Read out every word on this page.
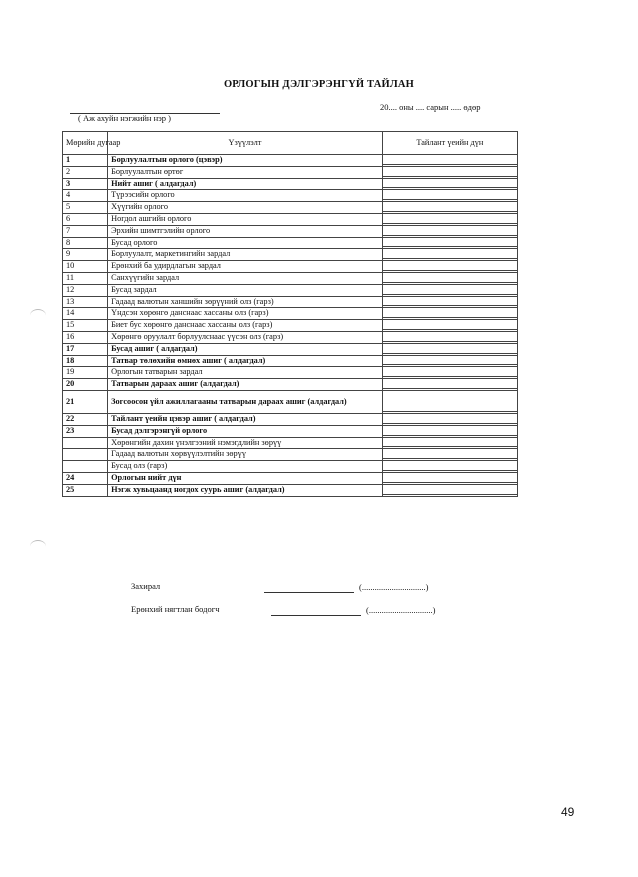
ОРЛОГЫН ДЭЛГЭРЭНГҮЙ ТАЙЛАН
20.... оны .... сарын ..... өдөр
( Аж ахуйн нэгжийн нэр )
Мөрийн дугаар	Үзүүлэлт	Тайлант үеийн дүн
1	Борлуулалтын орлого (цэвэр)	

2	Борлуулалтын өртөг	

3	Нийт ашиг ( алдагдал)	

4	Түрээсийн орлого	

5	Хүүгийн орлого	

6	Ногдол ашгийн орлого	

7	Эрхийн шимтгэлийн орлого	

8	Бусад орлого	

9	Борлуулалт, маркетингийн зардал	

10	Ерөнхий ба удирдлагын зардал	

11	Санхүүгийн зардал	

12	Бусад зардал	

13	Гадаад валютын ханшийн зөрүүний олз (гарз)	

14	Үндсэн хөрөнгө данснаас хассаны олз (гарз)	

15	Биет бус хөрөнгө данснаас хассаны олз (гарз)	

16	Хөрөнгө оруулалт борлуулснаас үүсэн олз (гарз)	

17	Бусад ашиг ( алдагдал)	

18	Татвар төлөхийн өмнөх ашиг ( алдагдал)	

19	Орлогын татварын зардал	

20	Татварын дараах ашиг (алдагдал)	

21	Зогсоосон үйл ажиллагааны татварын дараах ашиг (алдагдал)	

22	Тайлант үеийн цэвэр ашиг ( алдагдал)	

23	Бусад дэлгэрэнгүй орлого	

	Хөрөнгийн дахин үнэлгээний нэмэгдлийн зөрүү	

	Гадаад валютын хөрвүүлэлтийн зөрүү	

	Бусад олз (гарз)	

24	Орлогын нийт дүн	

25	Нэгж хувьцаанд ногдох суурь ашиг (алдагдал)	
Захирал	(..............................)
Ерөнхий нягтлан бодогч	(..............................)
49
